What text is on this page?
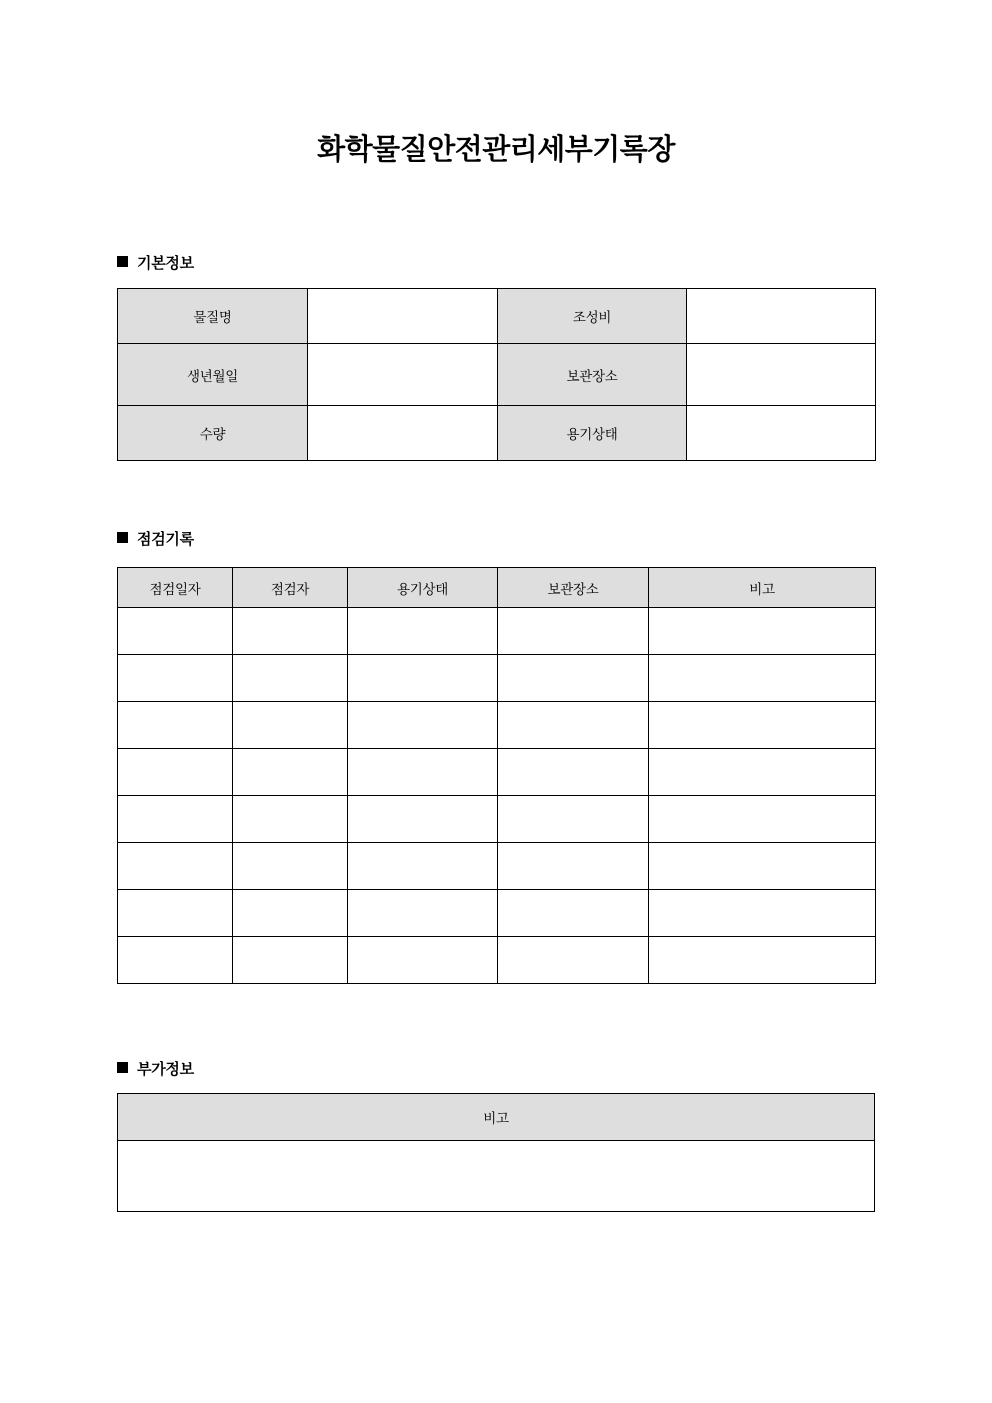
화학물질안전관리세부기록장
기본정보
물질명		조성비	
생년월일		보관장소	
수량		용기상태	
점검기록
점검일자	점검자	용기상태	보관장소	비고

부가정보
비고
